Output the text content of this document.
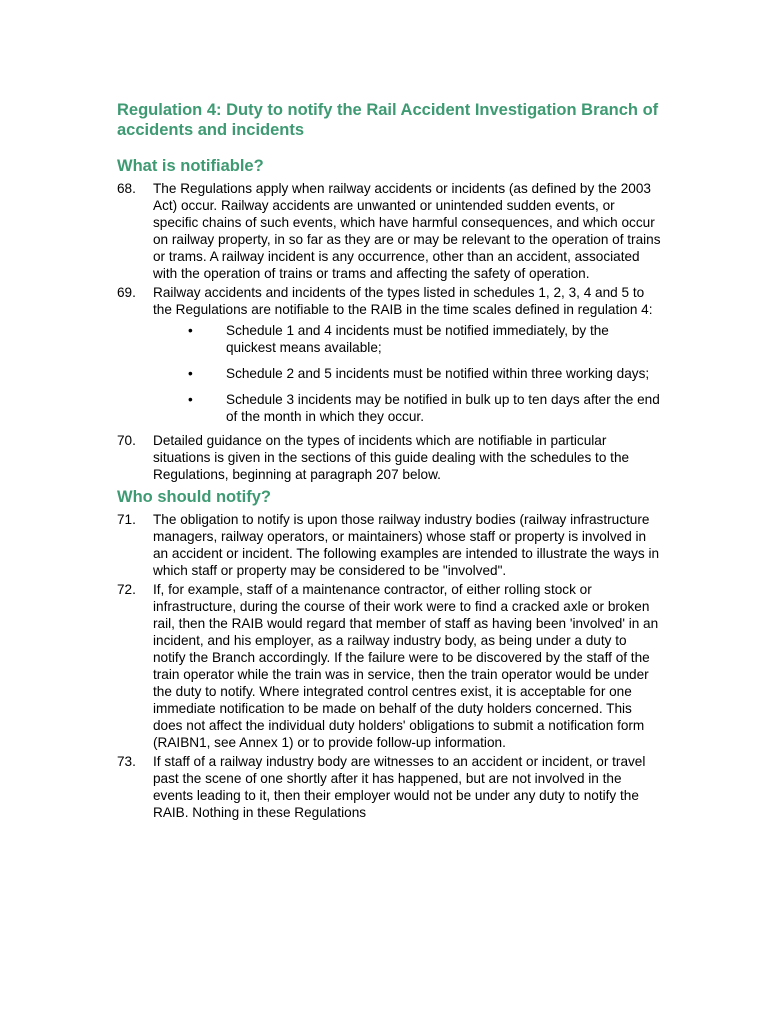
Regulation 4: Duty to notify the Rail Accident Investigation Branch of accidents and incidents
What is notifiable?
68.	The Regulations apply when railway accidents or incidents (as defined by the 2003 Act) occur. Railway accidents are unwanted or unintended sudden events, or specific chains of such events, which have harmful consequences, and which occur on railway property, in so far as they are or may be relevant to the operation of trains or trams. A railway incident is any occurrence, other than an accident, associated with the operation of trains or trams and affecting the safety of operation.
69.	Railway accidents and incidents of the types listed in schedules 1, 2, 3, 4 and 5 to the Regulations are notifiable to the RAIB in the time scales defined in regulation 4:
•	Schedule 1 and 4 incidents must be notified immediately, by the quickest means available;
•	Schedule 2 and 5 incidents must be notified within three working days;
•	Schedule 3 incidents may be notified in bulk up to ten days after the end of the month in which they occur.
70.	Detailed guidance on the types of incidents which are notifiable in particular situations is given in the sections of this guide dealing with the schedules to the Regulations, beginning at paragraph 207 below.
Who should notify?
71.	The obligation to notify is upon those railway industry bodies (railway infrastructure managers, railway operators, or maintainers) whose staff or property is involved in an accident or incident. The following examples are intended to illustrate the ways in which staff or property may be considered to be "involved".
72.	If, for example, staff of a maintenance contractor, of either rolling stock or infrastructure, during the course of their work were to find a cracked axle or broken rail, then the RAIB would regard that member of staff as having been 'involved' in an incident, and his employer, as a railway industry body, as being under a duty to notify the Branch accordingly. If the failure were to be discovered by the staff of the train operator while the train was in service, then the train operator would be under the duty to notify. Where integrated control centres exist, it is acceptable for one immediate notification to be made on behalf of the duty holders concerned. This does not affect the individual duty holders' obligations to submit a notification form (RAIBN1, see Annex 1) or to provide follow-up information.
73.	If staff of a railway industry body are witnesses to an accident or incident, or travel past the scene of one shortly after it has happened, but are not involved in the events leading to it, then their employer would not be under any duty to notify the RAIB. Nothing in these Regulations
